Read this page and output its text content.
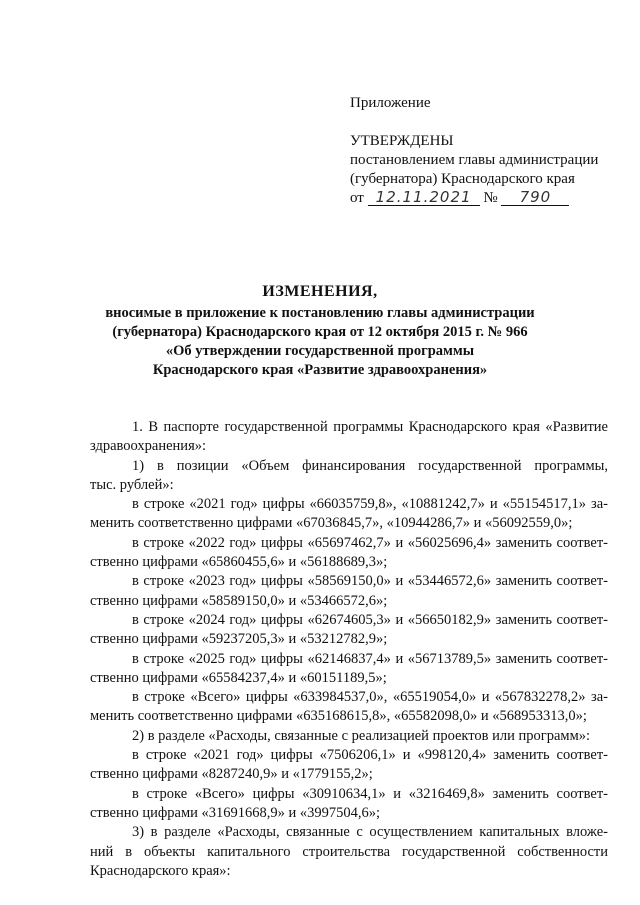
Приложение
УТВЕРЖДЕНЫ
постановлением главы администрации
(губернатора) Краснодарского края
от 12.11.2021 № 790
ИЗМЕНЕНИЯ,
вносимые в приложение к постановлению главы администрации
(губернатора) Краснодарского края от 12 октября 2015 г. № 966
«Об утверждении государственной программы
Краснодарского края «Развитие здравоохранения»

1. В паспорте государственной программы Краснодарского края «Развитие

здравоохранения»:

1) в позиции «Объем финансирования государственной программы,

тыс. рублей»:

в строке «2021 год» цифры «66035759,8», «10881242,7» и «55154517,1» за-

менить соответственно цифрами «67036845,7», «10944286,7» и «56092559,0»;

в строке «2022 год» цифры «65697462,7» и «56025696,4» заменить соответ-

ственно цифрами «65860455,6» и «56188689,3»;

в строке «2023 год» цифры «58569150,0» и «53446572,6» заменить соответ-

ственно цифрами «58589150,0» и «53466572,6»;

в строке «2024 год» цифры «62674605,3» и «56650182,9» заменить соответ-

ственно цифрами «59237205,3» и «53212782,9»;

в строке «2025 год» цифры «62146837,4» и «56713789,5» заменить соответ-

ственно цифрами «65584237,4» и «60151189,5»;

в строке «Всего» цифры «633984537,0», «65519054,0» и «567832278,2» за-

менить соответственно цифрами «635168615,8», «65582098,0» и «568953313,0»;

2) в разделе «Расходы, связанные с реализацией проектов или программ»:

в строке «2021 год» цифры «7506206,1» и «998120,4» заменить соответ-

ственно цифрами «8287240,9» и «1779155,2»;

в строке «Всего» цифры «30910634,1» и «3216469,8» заменить соответ-

ственно цифрами «31691668,9» и «3997504,6»;

3) в разделе «Расходы, связанные с осуществлением капитальных вложе-

ний в объекты капитального строительства государственной собственности

Краснодарского края»:
